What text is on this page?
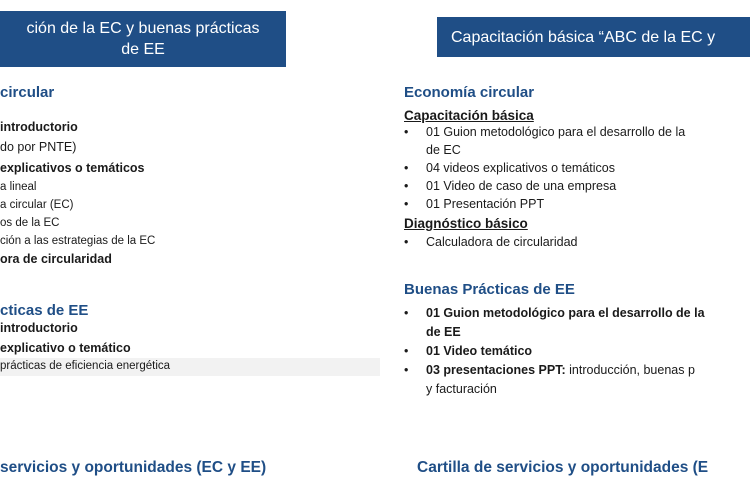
ción de la EC y buenas prácticas
de EE
circular
introductorio
do por PNTE)
explicativos o temáticos
a lineal
a circular (EC)
os de la EC
ción a las estrategias de la EC
ora de circularidad
cticas de EE
introductorio
explicativo o temático
prácticas de eficiencia energética
servicios y oportunidades (EC y EE)
Capacitación básica “ABC de la EC y
Economía circular
Capacitación básica
• 01 Guion metodológico para el desarrollo de la
de EC
• 04 videos explicativos o temáticos
• 01 Video de caso de una empresa
• 01 Presentación PPT
Diagnóstico básico
• Calculadora de circularidad
Buenas Prácticas de EE
• 01 Guion metodológico para el desarrollo de la
de EE
• 01 Video temático
• 03 presentaciones PPT: introducción, buenas p
y facturación
Cartilla de servicios y oportunidades (E
